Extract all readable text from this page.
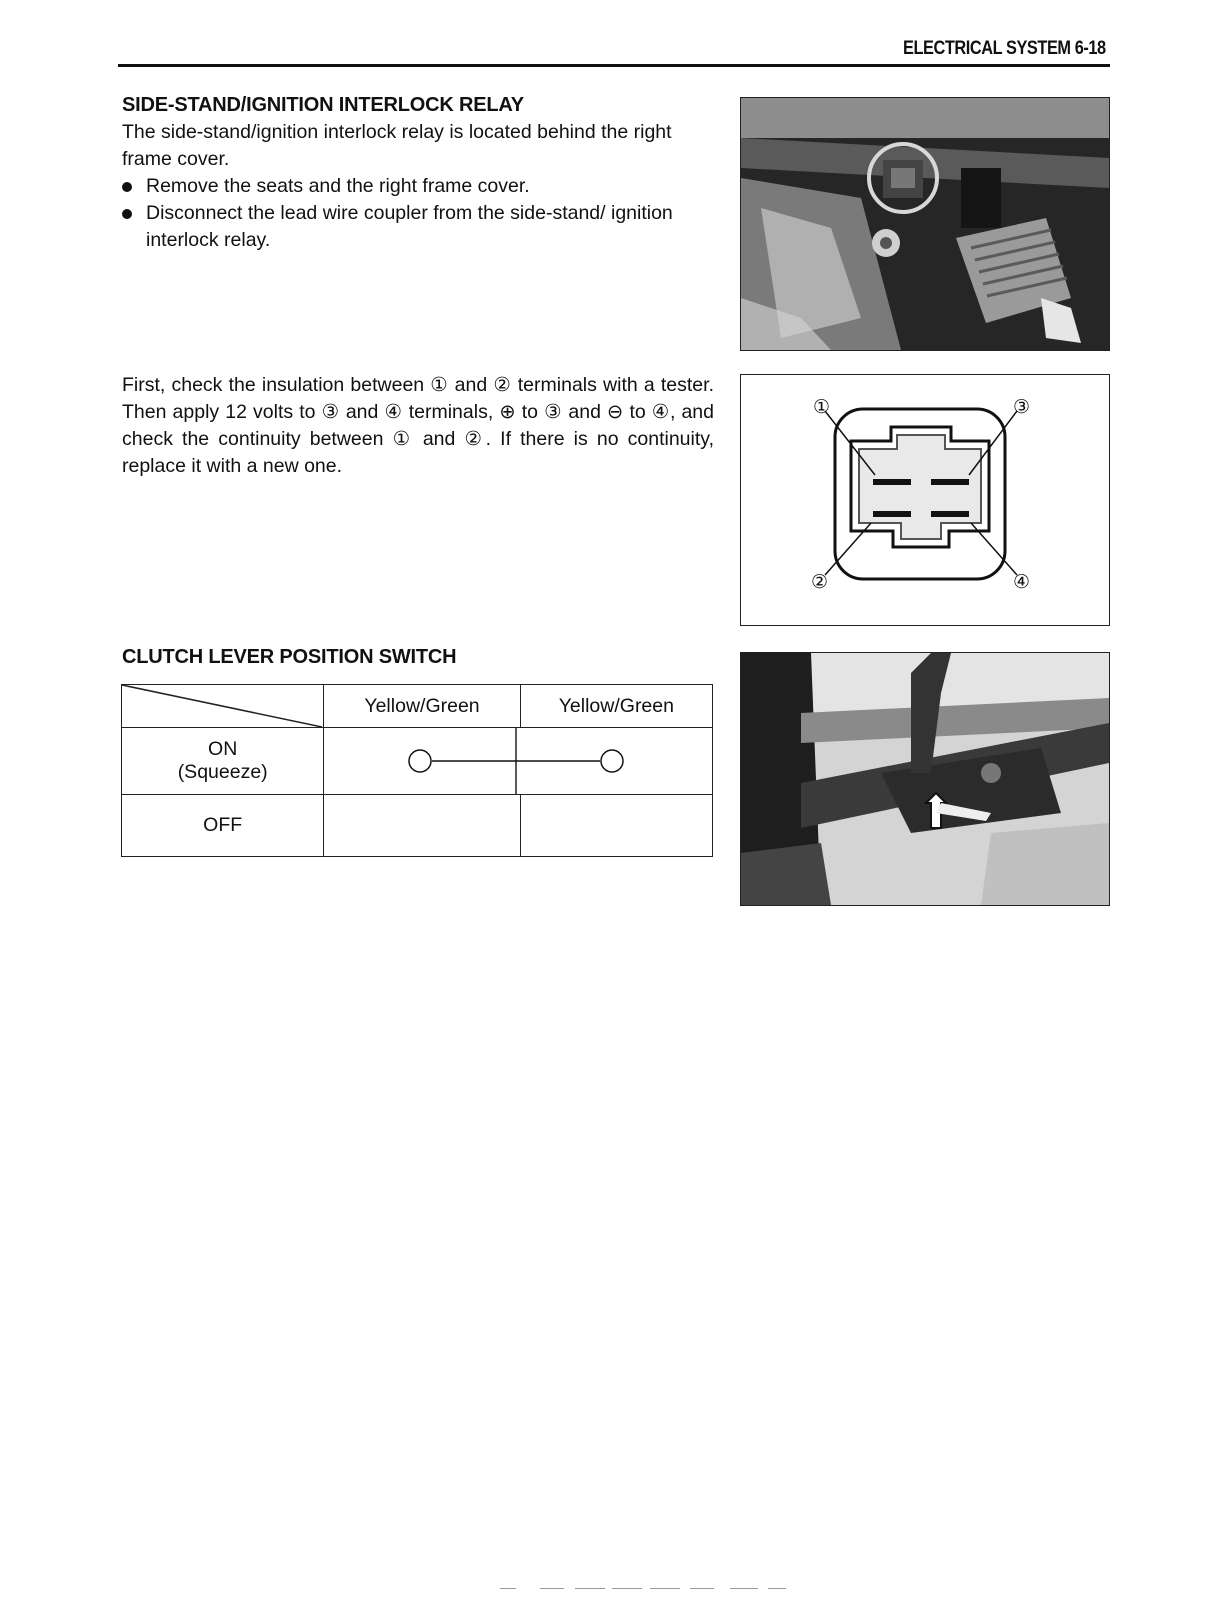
ELECTRICAL SYSTEM 6-18
SIDE-STAND/IGNITION INTERLOCK RELAY

The side-stand/ignition interlock relay is located behind the right frame cover.

Remove the seats and the right frame cover.
Disconnect the lead wire coupler from the side-stand/ ignition interlock relay.

First, check the insulation between ① and ② terminals with a tester. Then apply 12 volts to ③ and ④ terminals, ⊕ to ③ and ⊖ to ④, and check the continuity between ① and ②. If there is no continuity, replace it with a new one.

①	③
②	④
CLUTCH LEVER POSITION SWITCH
	Yellow/Green	Yellow/Green

ON
(Squeeze)

OFF		
